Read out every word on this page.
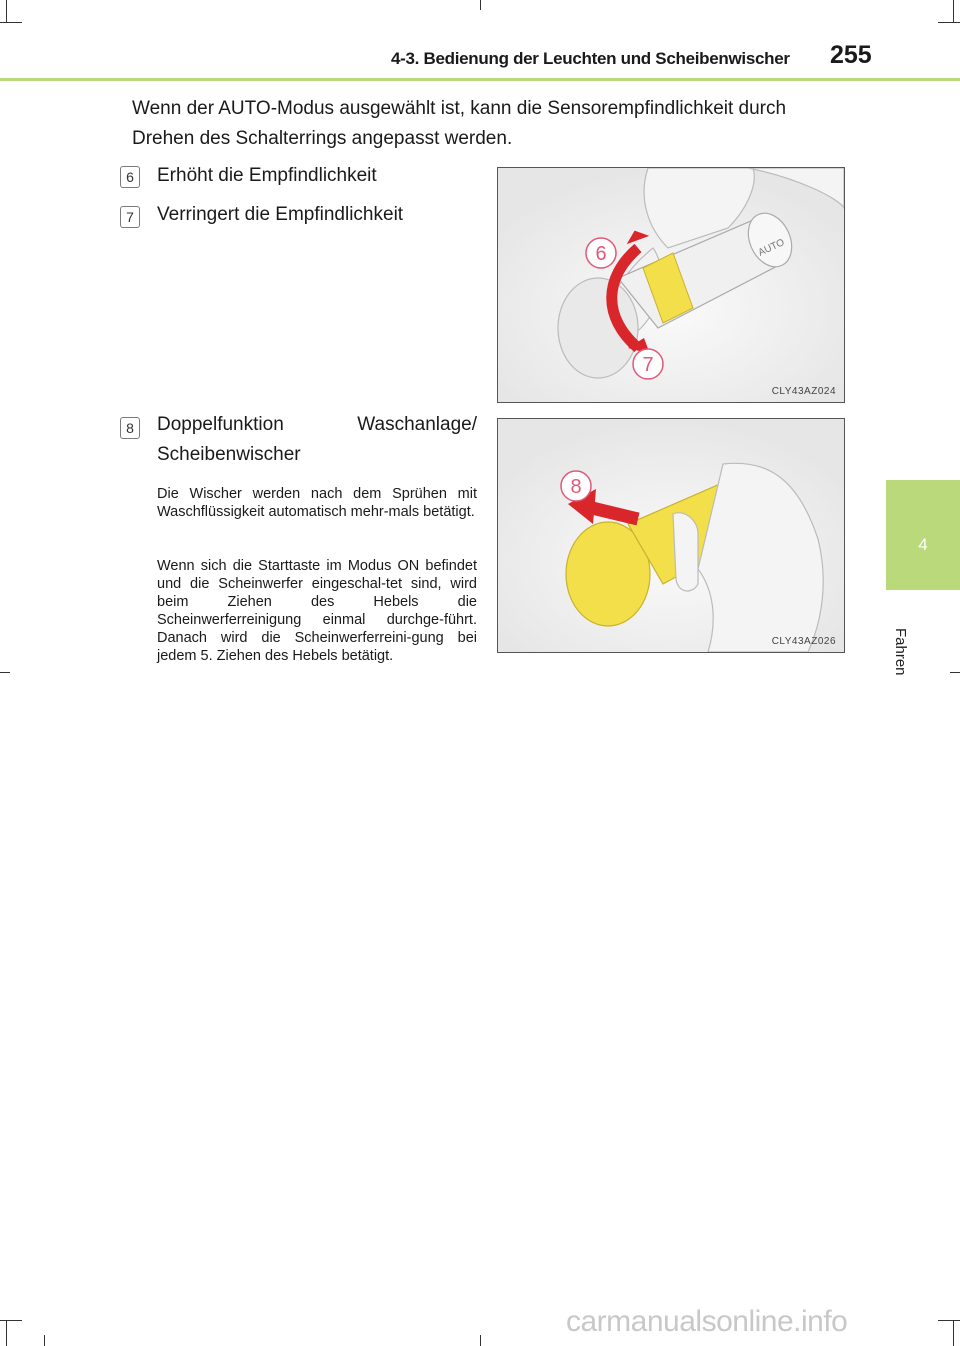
4-3. Bedienung der Leuchten und Scheibenwischer 255
4
Fahren
Wenn der AUTO-Modus ausgewählt ist, kann die Sensorempfindlichkeit durch Drehen des Schalterrings angepasst werden.
6	Erhöht die Empfindlichkeit
7	Verringert die Empfindlichkeit
8	Doppelfunktion	Waschanlage/
Scheibenwischer
Die Wischer werden nach dem Sprühen mit Waschflüssigkeit automatisch mehr-mals betätigt.
Wenn sich die Starttaste im Modus ON befindet und die Scheinwerfer eingeschal-tet sind, wird beim Ziehen des Hebels die Scheinwerferreinigung einmal durchge-führt. Danach wird die Scheinwerferreini-gung bei jedem 5. Ziehen des Hebels betätigt.
AUTO
6
7
CLY43AZ024
8
CLY43AZ026
carmanualsonline.info
